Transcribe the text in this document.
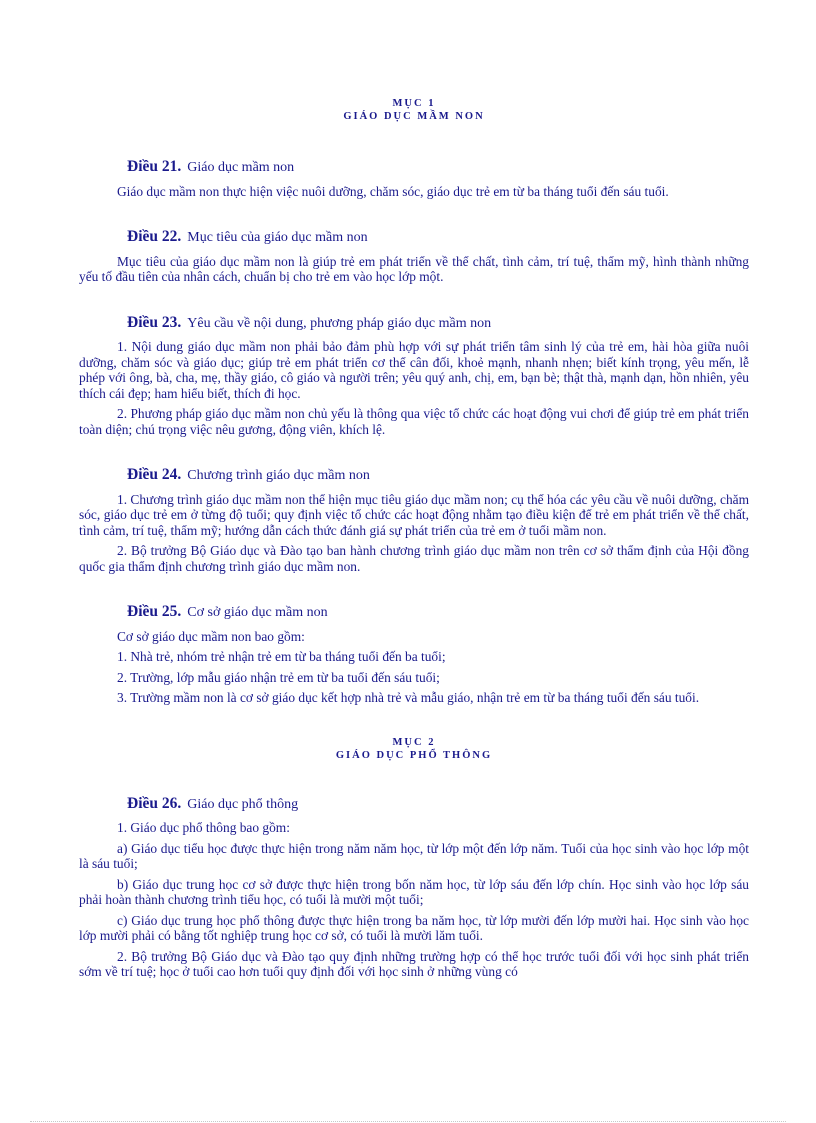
MỤC 1
GIÁO DỤC MẦM NON
Điều 21. Giáo dục mầm non

Giáo dục mầm non thực hiện việc nuôi dưỡng, chăm sóc, giáo dục trẻ em từ ba tháng tuổi đến sáu tuổi.

Điều 22. Mục tiêu của giáo dục mầm non

Mục tiêu của giáo dục mầm non là giúp trẻ em phát triển về thể chất, tình cảm, trí tuệ, thẩm mỹ, hình thành những yếu tố đầu tiên của nhân cách, chuẩn bị cho trẻ em vào học lớp một.

Điều 23. Yêu cầu về nội dung, phương pháp giáo dục mầm non

1. Nội dung giáo dục mầm non phải bảo đảm phù hợp với sự phát triển tâm sinh lý của trẻ em, hài hòa giữa nuôi dưỡng, chăm sóc và giáo dục; giúp trẻ em phát triển cơ thể cân đối, khoẻ mạnh, nhanh nhẹn; biết kính trọng, yêu mến, lễ phép với ông, bà, cha, mẹ, thầy giáo, cô giáo và người trên; yêu quý anh, chị, em, bạn bè; thật thà, mạnh dạn, hồn nhiên, yêu thích cái đẹp; ham hiểu biết, thích đi học.

2. Phương pháp giáo dục mầm non chủ yếu là thông qua việc tổ chức các hoạt động vui chơi để giúp trẻ em phát triển toàn diện; chú trọng việc nêu gương, động viên, khích lệ.

Điều 24. Chương trình giáo dục mầm non

1. Chương trình giáo dục mầm non thể hiện mục tiêu giáo dục mầm non; cụ thể hóa các yêu cầu về nuôi dưỡng, chăm sóc, giáo dục trẻ em ở từng độ tuổi; quy định việc tổ chức các hoạt động nhằm tạo điều kiện để trẻ em phát triển về thể chất, tình cảm, trí tuệ, thẩm mỹ; hướng dẫn cách thức đánh giá sự phát triển của trẻ em ở tuổi mầm non.

2. Bộ trưởng Bộ Giáo dục và Đào tạo ban hành chương trình giáo dục mầm non trên cơ sở thẩm định của Hội đồng quốc gia thẩm định chương trình giáo dục mầm non.

Điều 25. Cơ sở giáo dục mầm non

Cơ sở giáo dục mầm non bao gồm:

1. Nhà trẻ, nhóm trẻ nhận trẻ em từ ba tháng tuổi đến ba tuổi;

2. Trường, lớp mẫu giáo nhận trẻ em từ ba tuổi đến sáu tuổi;

3. Trường mầm non là cơ sở giáo dục kết hợp nhà trẻ và mẫu giáo, nhận trẻ em từ ba tháng tuổi đến sáu tuổi.

MỤC 2
GIÁO DỤC PHỔ THÔNG
Điều 26. Giáo dục phổ thông

1. Giáo dục phổ thông bao gồm:

a) Giáo dục tiểu học được thực hiện trong năm năm học, từ lớp một đến lớp năm. Tuổi của học sinh vào học lớp một là sáu tuổi;

b) Giáo dục trung học cơ sở được thực hiện trong bốn năm học, từ lớp sáu đến lớp chín. Học sinh vào học lớp sáu phải hoàn thành chương trình tiểu học, có tuổi là mười một tuổi;

c) Giáo dục trung học phổ thông được thực hiện trong ba năm học, từ lớp mười đến lớp mười hai. Học sinh vào học lớp mười phải có bằng tốt nghiệp trung học cơ sở, có tuổi là mười lăm tuổi.

2. Bộ trưởng Bộ Giáo dục và Đào tạo quy định những trường hợp có thể học trước tuổi đối với học sinh phát triển sớm về trí tuệ; học ở tuổi cao hơn tuổi quy định đối với học sinh ở những vùng có
